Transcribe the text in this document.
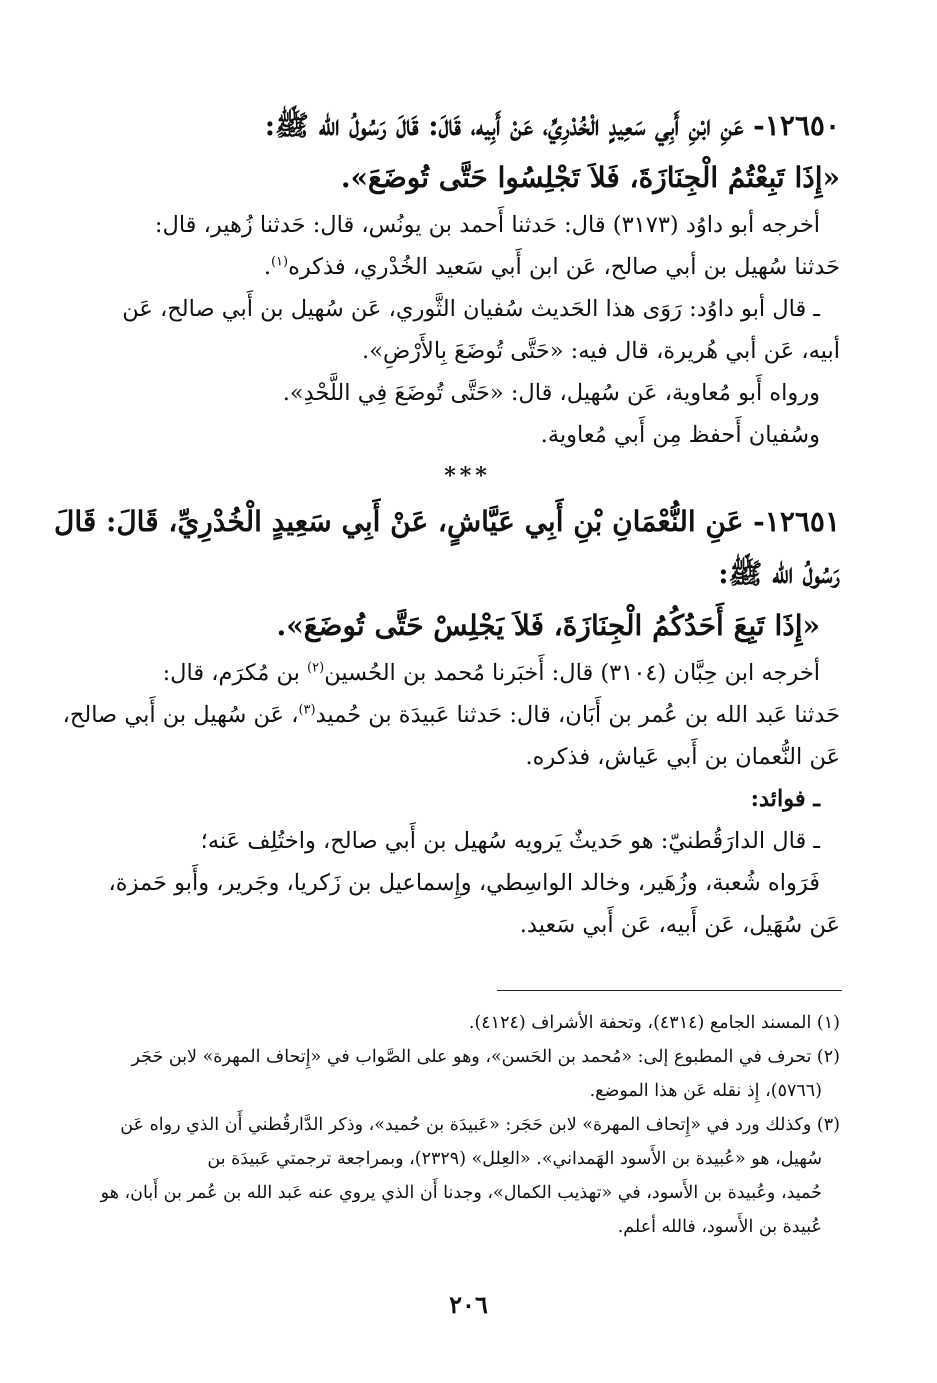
١٢٦٥٠- عَنِ ابْنِ أَبِي سَعِيدٍ الْخُدْرِيِّ، عَنْ أَبِيه، قَالَ: قَالَ رَسُولُ الله ﷺ:

«إِذَا تَبِعْتُمُ الْجِنَازَةَ، فَلاَ تَجْلِسُوا حَتَّى تُوضَعَ».

أخرجه أبو داوُد (٣١٧٣) قال: حَدثنا أَحمد بن يونُس، قال: حَدثنا زُهير، قال:

حَدثنا سُهيل بن أبي صالح، عَن ابن أَبي سَعيد الخُدْري، فذكره$^{(١)}$.

ـ قال أبو داوُد: رَوَى هذا الحَديث سُفيان الثَّوري، عَن سُهيل بن أَبي صالح، عَن

أبيه، عَن أبي هُريرة، قال فيه: «حَتَّى تُوضَعَ بِالأَرْضِ».

ورواه أَبو مُعاوية، عَن سُهيل، قال: «حَتَّى تُوضَعَ فِي اللَّحْدِ».

وسُفيان أَحفظ مِن أَبي مُعاوية.

***

١٢٦٥١- عَنِ النُّعْمَانِ بْنِ أَبِي عَيَّاشٍ، عَنْ أَبِي سَعِيدٍ الْخُدْرِيِّ، قَالَ: قَالَ

رَسُولُ الله ﷺ:

«إِذَا تَبِعَ أَحَدُكُمُ الْجِنَازَةَ، فَلاَ يَجْلِسْ حَتَّى تُوضَعَ».

أخرجه ابن حِبَّان (٣١٠٤) قال: أَخبَرنا مُحمد بن الحُسين$^{(٢)}$ بن مُكرَم، قال:

حَدثنا عَبد الله بن عُمر بن أَبَان، قال: حَدثنا عَبيدَة بن حُميد$^{(٣)}$، عَن سُهيل بن أَبي صالح،

عَن النُّعمان بن أَبي عَياش، فذكره.

ـ فوائد:

ـ قال الدارَقُطنيّ: هو حَديثٌ يَرويه سُهيل بن أَبي صالح، واختُلِف عَنه؛

فَرَواه شُعبة، وزُهَير، وخالد الواسِطي، وإِسماعيل بن زَكريا، وجَرير، وأَبو حَمزة،

عَن سُهَيل، عَن أَبيه، عَن أَبي سَعيد.

(١) المسند الجامع (٤٣١٤)، وتحفة الأشراف (٤١٢٤).

(٢) تحرف في المطبوع إلى: «مُحمد بن الحَسن»، وهو على الصَّواب في «إِتحاف المهرة» لابن حَجَر

(٥٧٦٦)، إِذ نقله عَن هذا الموضع.

(٣) وكذلك ورد في «إِتحاف المهرة» لابن حَجَر: «عَبيدَة بن حُميد»، وذكر الدَّارقُطني أَن الذي رواه عَن

سُهيل، هو «عُبيدة بن الأَسود الهَمداني». «العِلل» (٢٣٢٩)، وبمراجعة ترجمتي عَبيدَة بن

حُميد، وعُبيدة بن الأَسود، في «تهذيب الكمال»، وجدنا أَن الذي يروي عنه عَبد الله بن عُمر بن أَبان، هو

عُبيدة بن الأَسود، فالله أعلم.

٢٠٦
